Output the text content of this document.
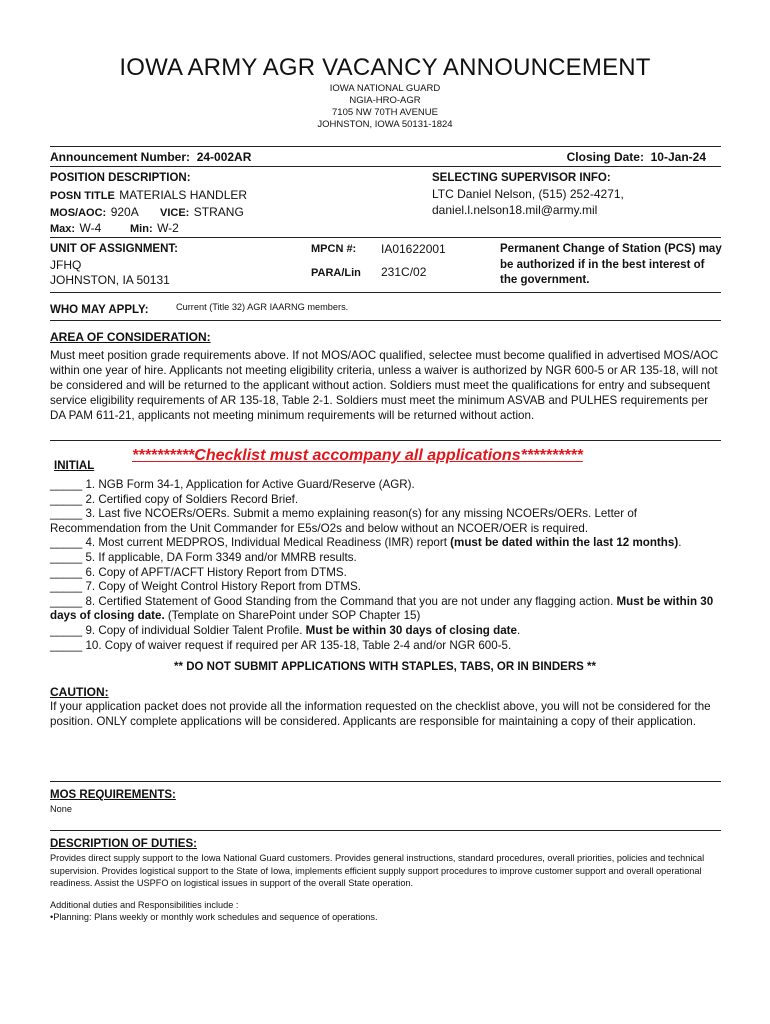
IOWA ARMY AGR VACANCY ANNOUNCEMENT
IOWA NATIONAL GUARD
NGIA-HRO-AGR
7105 NW 70TH AVENUE
JOHNSTON, IOWA 50131-1824
Announcement Number: 24-002AR	Closing Date: 10-Jan-24
POSITION DESCRIPTION:
POSN TITLE MATERIALS HANDLER
MOS/AOC: 920A VICE: STRANG
Max: W-4	Min: W-2
SELECTING SUPERVISOR INFO:
LTC Daniel Nelson, (515) 252-4271,
daniel.l.nelson18.mil@army.mil
UNIT OF ASSIGNMENT:
JFHQ
JOHNSTON, IA 50131
MPCN #: IA01622001
PARA/Lin 231C/02
Permanent Change of Station (PCS) may be authorized if in the best interest of the government.
WHO MAY APPLY:	Current (Title 32) AGR IAARNG members.
AREA OF CONSIDERATION:
Must meet position grade requirements above. If not MOS/AOC qualified, selectee must become qualified in advertised MOS/AOC within one year of hire. Applicants not meeting eligibility criteria, unless a waiver is authorized by NGR 600-5 or AR 135-18, will not be considered and will be returned to the applicant without action. Soldiers must meet the qualifications for entry and subsequent service eligibility requirements of AR 135-18, Table 2-1. Soldiers must meet the minimum ASVAB and PULHES requirements per DA PAM 611-21, applicants not meeting minimum requirements will be returned without action.
INITIAL
**********Checklist must accompany all applications**********
_____ 1. NGB Form 34-1, Application for Active Guard/Reserve (AGR).
_____ 2. Certified copy of Soldiers Record Brief.
_____ 3. Last five NCOERs/OERs. Submit a memo explaining reason(s) for any missing NCOERs/OERs. Letter of Recommendation from the Unit Commander for E5s/O2s and below without an NCOER/OER is required.
_____ 4. Most current MEDPROS, Individual Medical Readiness (IMR) report (must be dated within the last 12 months).
_____ 5. If applicable, DA Form 3349 and/or MMRB results.
_____ 6. Copy of APFT/ACFT History Report from DTMS.
_____ 7. Copy of Weight Control History Report from DTMS.
_____ 8. Certified Statement of Good Standing from the Command that you are not under any flagging action. Must be within 30 days of closing date. (Template on SharePoint under SOP Chapter 15)
_____ 9. Copy of individual Soldier Talent Profile. Must be within 30 days of closing date.
_____ 10. Copy of waiver request if required per AR 135-18, Table 2-4 and/or NGR 600-5.
** DO NOT SUBMIT APPLICATIONS WITH STAPLES, TABS, OR IN BINDERS **
CAUTION:
If your application packet does not provide all the information requested on the checklist above, you will not be considered for the position. ONLY complete applications will be considered. Applicants are responsible for maintaining a copy of their application.
MOS REQUIREMENTS:
None
DESCRIPTION OF DUTIES:
Provides direct supply support to the Iowa National Guard customers. Provides general instructions, standard procedures, overall priorities, policies and technical supervision. Provides logistical support to the State of Iowa, implements efficient supply support procedures to improve customer support and overall operational readiness. Assist the USPFO on logistical issues in support of the overall State operation.
Additional duties and Responsibilities include :
•Planning: Plans weekly or monthly work schedules and sequence of operations.
